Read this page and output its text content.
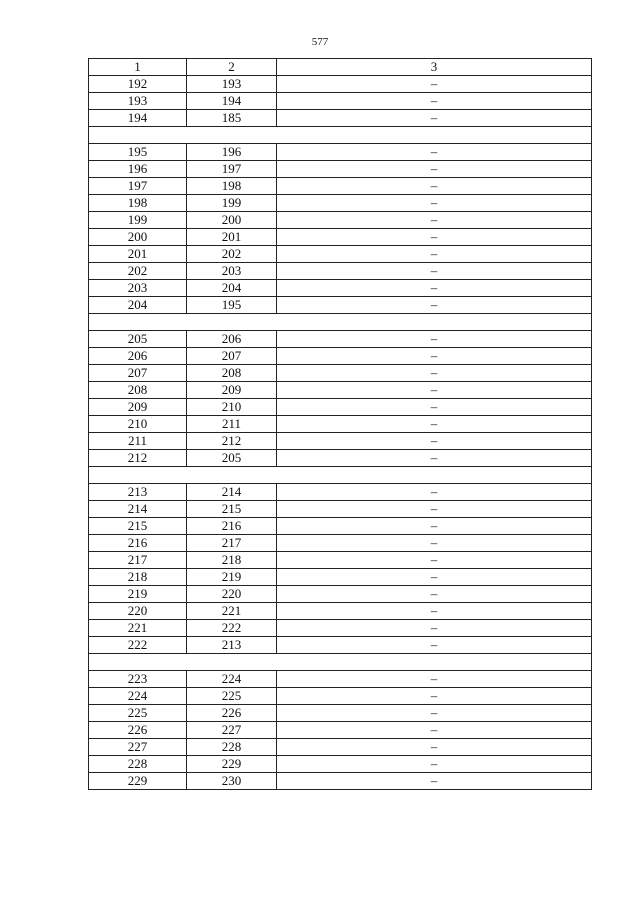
577
1	2	3
192	193	–
193	194	–
194	185	–

195	196	–
196	197	–
197	198	–
198	199	–
199	200	–
200	201	–
201	202	–
202	203	–
203	204	–
204	195	–

205	206	–
206	207	–
207	208	–
208	209	–
209	210	–
210	211	–
211	212	–
212	205	–

213	214	–
214	215	–
215	216	–
216	217	–
217	218	–
218	219	–
219	220	–
220	221	–
221	222	–
222	213	–

223	224	–
224	225	–
225	226	–
226	227	–
227	228	–
228	229	–
229	230	–
